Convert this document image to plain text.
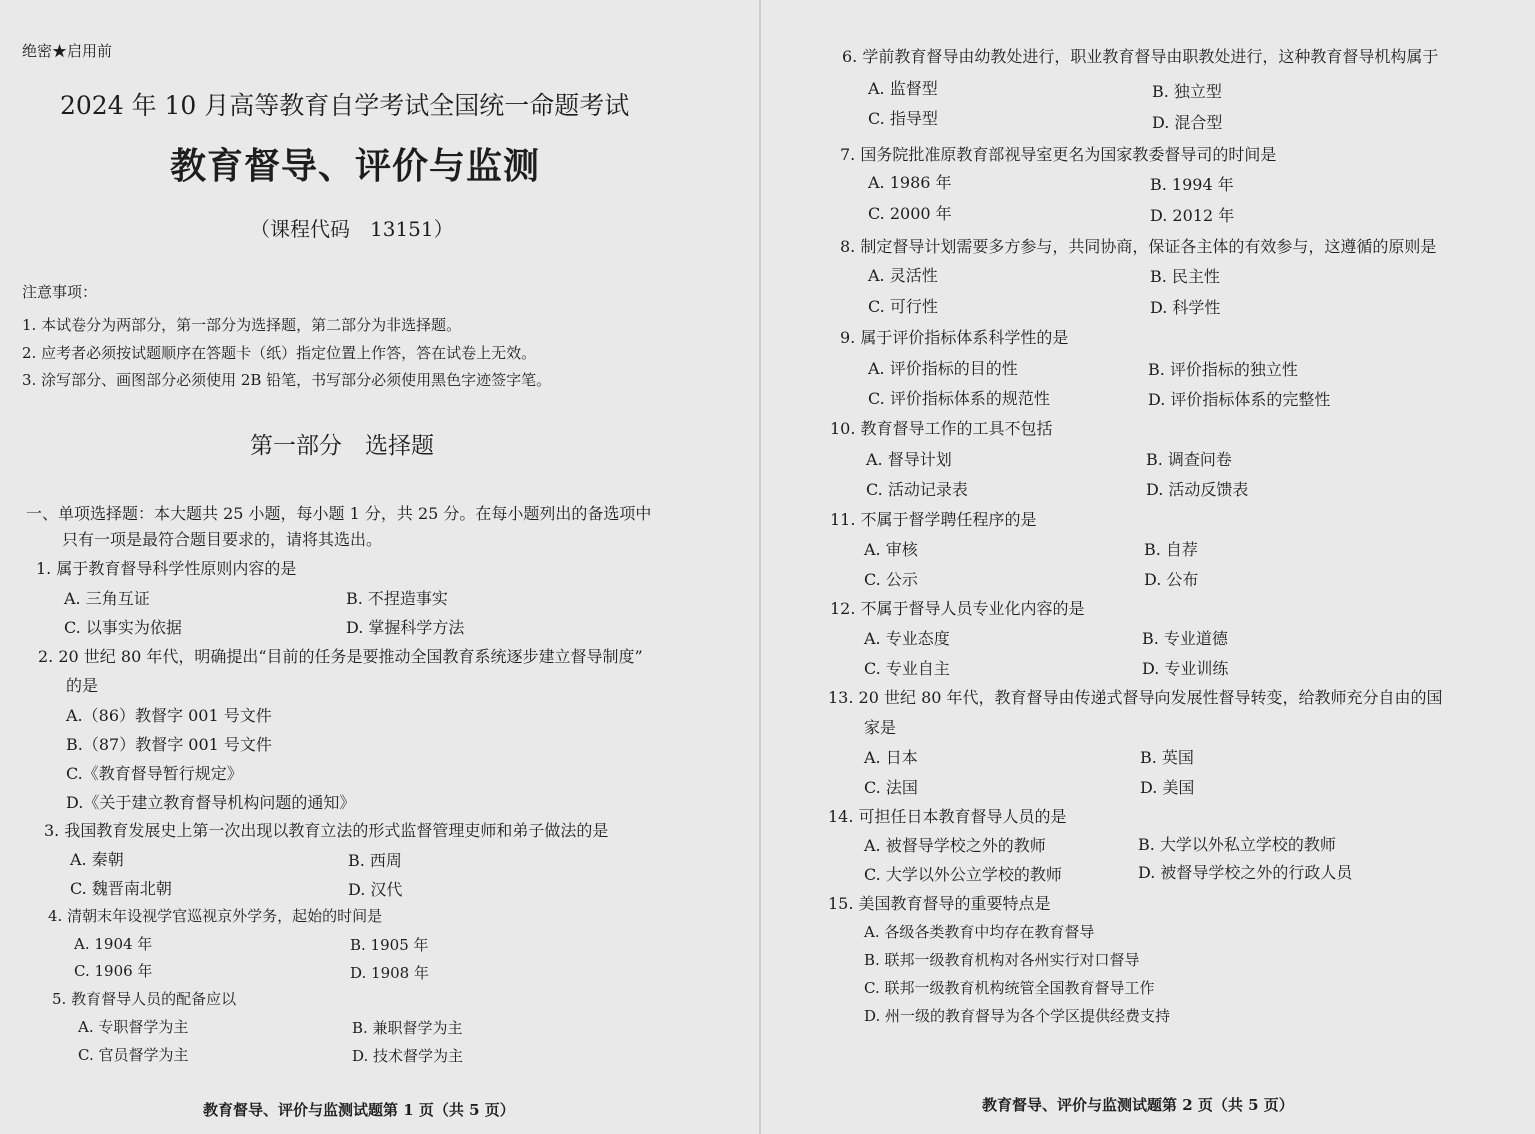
绝密★启用前
2024 年 10 月高等教育自学考试全国统一命题考试
教育督导、评价与监测
（课程代码　13151）
注意事项：
1. 本试卷分为两部分，第一部分为选择题，第二部分为非选择题。
2. 应考者必须按试题顺序在答题卡（纸）指定位置上作答，答在试卷上无效。
3. 涂写部分、画图部分必须使用 2B 铅笔，书写部分必须使用黑色字迹签字笔。
第一部分　选择题
一、单项选择题：本大题共 25 小题，每小题 1 分，共 25 分。在每小题列出的备选项中
只有一项是最符合题目要求的，请将其选出。
1. 属于教育督导科学性原则内容的是
A. 三角互证	B. 不捏造事实
C. 以事实为依据	D. 掌握科学方法
2. 20 世纪 80 年代，明确提出“目前的任务是要推动全国教育系统逐步建立督导制度”
的是
A.（86）教督字 001 号文件
B.（87）教督字 001 号文件
C.《教育督导暂行规定》
D.《关于建立教育督导机构问题的通知》
3. 我国教育发展史上第一次出现以教育立法的形式监督管理吏师和弟子做法的是
A. 秦朝	B. 西周
C. 魏晋南北朝	D. 汉代
4. 清朝末年设视学官巡视京外学务，起始的时间是
A. 1904 年	B. 1905 年
C. 1906 年	D. 1908 年
5. 教育督导人员的配备应以
A. 专职督学为主	B. 兼职督学为主
C. 官员督学为主	D. 技术督学为主
教育督导、评价与监测试题第 1 页（共 5 页）
6. 学前教育督导由幼教处进行，职业教育督导由职教处进行，这种教育督导机构属于
A. 监督型	B. 独立型
C. 指导型	D. 混合型
7. 国务院批准原教育部视导室更名为国家教委督导司的时间是
A. 1986 年	B. 1994 年
C. 2000 年	D. 2012 年
8. 制定督导计划需要多方参与，共同协商，保证各主体的有效参与，这遵循的原则是
A. 灵活性	B. 民主性
C. 可行性	D. 科学性
9. 属于评价指标体系科学性的是
A. 评价指标的目的性	B. 评价指标的独立性
C. 评价指标体系的规范性	D. 评价指标体系的完整性
10. 教育督导工作的工具不包括
A. 督导计划	B. 调查问卷
C. 活动记录表	D. 活动反馈表
11. 不属于督学聘任程序的是
A. 审核	B. 自荐
C. 公示	D. 公布
12. 不属于督导人员专业化内容的是
A. 专业态度	B. 专业道德
C. 专业自主	D. 专业训练
13. 20 世纪 80 年代，教育督导由传递式督导向发展性督导转变，给教师充分自由的国
家是
A. 日本	B. 英国
C. 法国	D. 美国
14. 可担任日本教育督导人员的是
A. 被督导学校之外的教师	B. 大学以外私立学校的教师
C. 大学以外公立学校的教师	D. 被督导学校之外的行政人员
15. 美国教育督导的重要特点是
A. 各级各类教育中均存在教育督导
B. 联邦一级教育机构对各州实行对口督导
C. 联邦一级教育机构统管全国教育督导工作
D. 州一级的教育督导为各个学区提供经费支持
教育督导、评价与监测试题第 2 页（共 5 页）
